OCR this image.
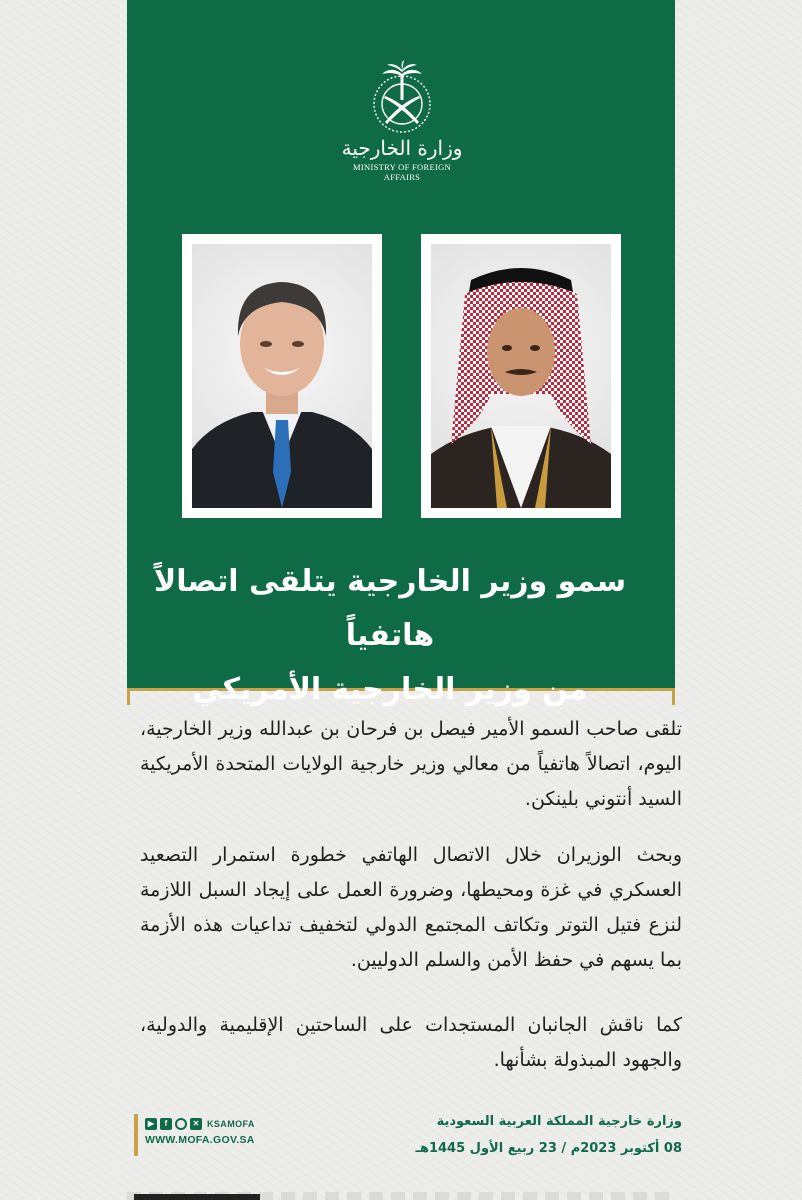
وزارة الخارجية
MINISTRY OF FOREIGN AFFAIRS
سمو وزير الخارجية يتلقى اتصالاً هاتفياً
من وزير الخارجية الأمريكي
تلقى صاحب السمو الأمير فيصل بن فرحان بن عبدالله وزير الخارجية، اليوم، اتصالاً هاتفياً من معالي وزير خارجية الولايات المتحدة الأمريكية السيد أنتوني بلينكن.
وبحث الوزيران خلال الاتصال الهاتفي خطورة استمرار التصعيد العسكري في غزة ومحيطها، وضرورة العمل على إيجاد السبل اللازمة لنزع فتيل التوتر وتكاتف المجتمع الدولي لتخفيف تداعيات هذه الأزمة بما يسهم في حفظ الأمن والسلم الدوليين.
كما ناقش الجانبان المستجدات على الساحتين الإقليمية والدولية، والجهود المبذولة بشأنها.
وزارة خارجية المملكة العربية السعودية
08 أكتوبر 2023م / 23 ربيع الأول 1445هـ
▶	f	✕ KSAMOFA
WWW.MOFA.GOV.SA
